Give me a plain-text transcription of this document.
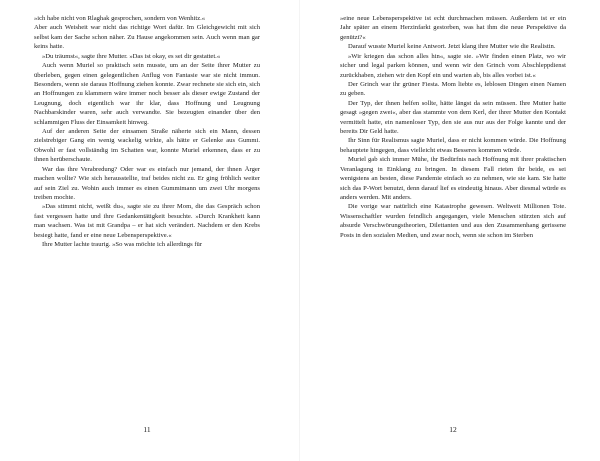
»ich habe nicht von Rlaghak gesprochen, sondern von Wenhitz.«

Aber auch Weisheit war nicht das richtige Wort dafür. Im Gleichgewicht mit sich selbst kam der Sache schon näher. Zu Hause angekommen sein. Auch wenn man gar keins hatte.

»Du träumst«, sagte ihre Mutter. »Das ist okay, es sei dir gestattet.«

Auch wenn Muriel so praktisch sein musste, um an der Seite ihrer Mutter zu überleben, gegen einen gelegentlichen Anflug von Fantasie war sie nicht immun. Besonders, wenn sie daraus Hoffnung ziehen konnte. Zwar rechnete sie sich ein, sich an Hoffnungen zu klammern wäre immer noch besser als dieser ewige Zustand der Leugnung, doch eigentlich war ihr klar, dass Hoffnung und Leugnung Nachbarskinder waren, sehr auch verwandte. Sie bezeugten einander über den schlammigen Fluss der Einsamkeit hinweg.

Auf der anderen Seite der einsamen Straße näherte sich ein Mann, dessen zielstrebiger Gang ein wenig wackelig wirkte, als hätte er Gelenke aus Gummi. Obwohl er fast vollständig im Schatten war, konnte Muriel erkennen, dass er zu ihnen herüberschaute.

War das ihre Verabredung? Oder war es einfach nur jemand, der ihnen Ärger machen wollte? Wie sich herausstellte, traf beides nicht zu. Er ging fröhlich weiter auf sein Ziel zu. Wohin auch immer es einen Gummimann um zwei Uhr morgens treiben mochte.

»Das stimmt nicht, weißt du«, sagte sie zu ihrer Mom, die das Gespräch schon fast vergessen hatte und ihre Gedankentätigkeit besuchte. »Durch Krankheit kann man wachsen. Was ist mit Grandpa – er hat sich verändert. Nachdem er den Krebs besiegt hatte, fand er eine neue Lebensperspektive.«

Ihre Mutter lachte traurig. »So was möchte ich allerdings für

11

»eine neue Lebensperspektive ist echt durchmachen müssen. Außerdem ist er ein Jahr später an einem Herzinfarkt gestorben, was hat ihm die neue Perspektive da genützt?«

Darauf wusste Muriel keine Antwort. Jetzt klang ihre Mutter wie die Realistin.

»Wir kriegen das schon alles hin«, sagte sie. »Wir finden einen Platz, wo wir sicher und legal parken können, und wenn wir den Grinch vom Abschleppdienst zurückhaben, ziehen wir den Kopf ein und warten ab, bis alles vorbei ist.«

Der Grinch war ihr grüner Fiesta. Mom liebte es, leblosen Dingen einen Namen zu geben.

Der Typ, der ihnen helfen sollte, hätte längst da sein müssen. Ihre Mutter hatte gesagt »gegen zwei«, aber das stammte von dem Kerl, der ihrer Mutter den Kontakt vermittelt hatte, ein namenloser Typ, den sie aus nur aus der Folge kannte und der bereits Dir Geld hatte.

Ihr Sinn für Realismus sagte Muriel, dass er nicht kommen würde. Die Hoffnung behauptete hingegen, dass vielleicht etwas Besseres kommen würde.

Muriel gab sich immer Mühe, ihr Bedürfnis nach Hoffnung mit ihrer praktischen Veranlagung in Einklang zu bringen. In diesem Fall rieten ihr beide, es sei wenigstens an besten, diese Pandemie einfach so zu nehmen, wie sie kam. Sie hatte sich das P-Wort benutzt, denn darauf lief es eindeutig hinaus. Aber diesmal würde es anders werden. Mit anders.

Die vorige war natürlich eine Katastrophe gewesen. Weltweit Millionen Tote. Wissenschaftler wurden feindlich angegangen, viele Menschen stürzten sich auf absurde Verschwörungstheorien, Dilettanten und aus den Zusammenhang gerissene Posts in den sozialen Medien, und zwar noch, wenn sie schon im Sterben

12
